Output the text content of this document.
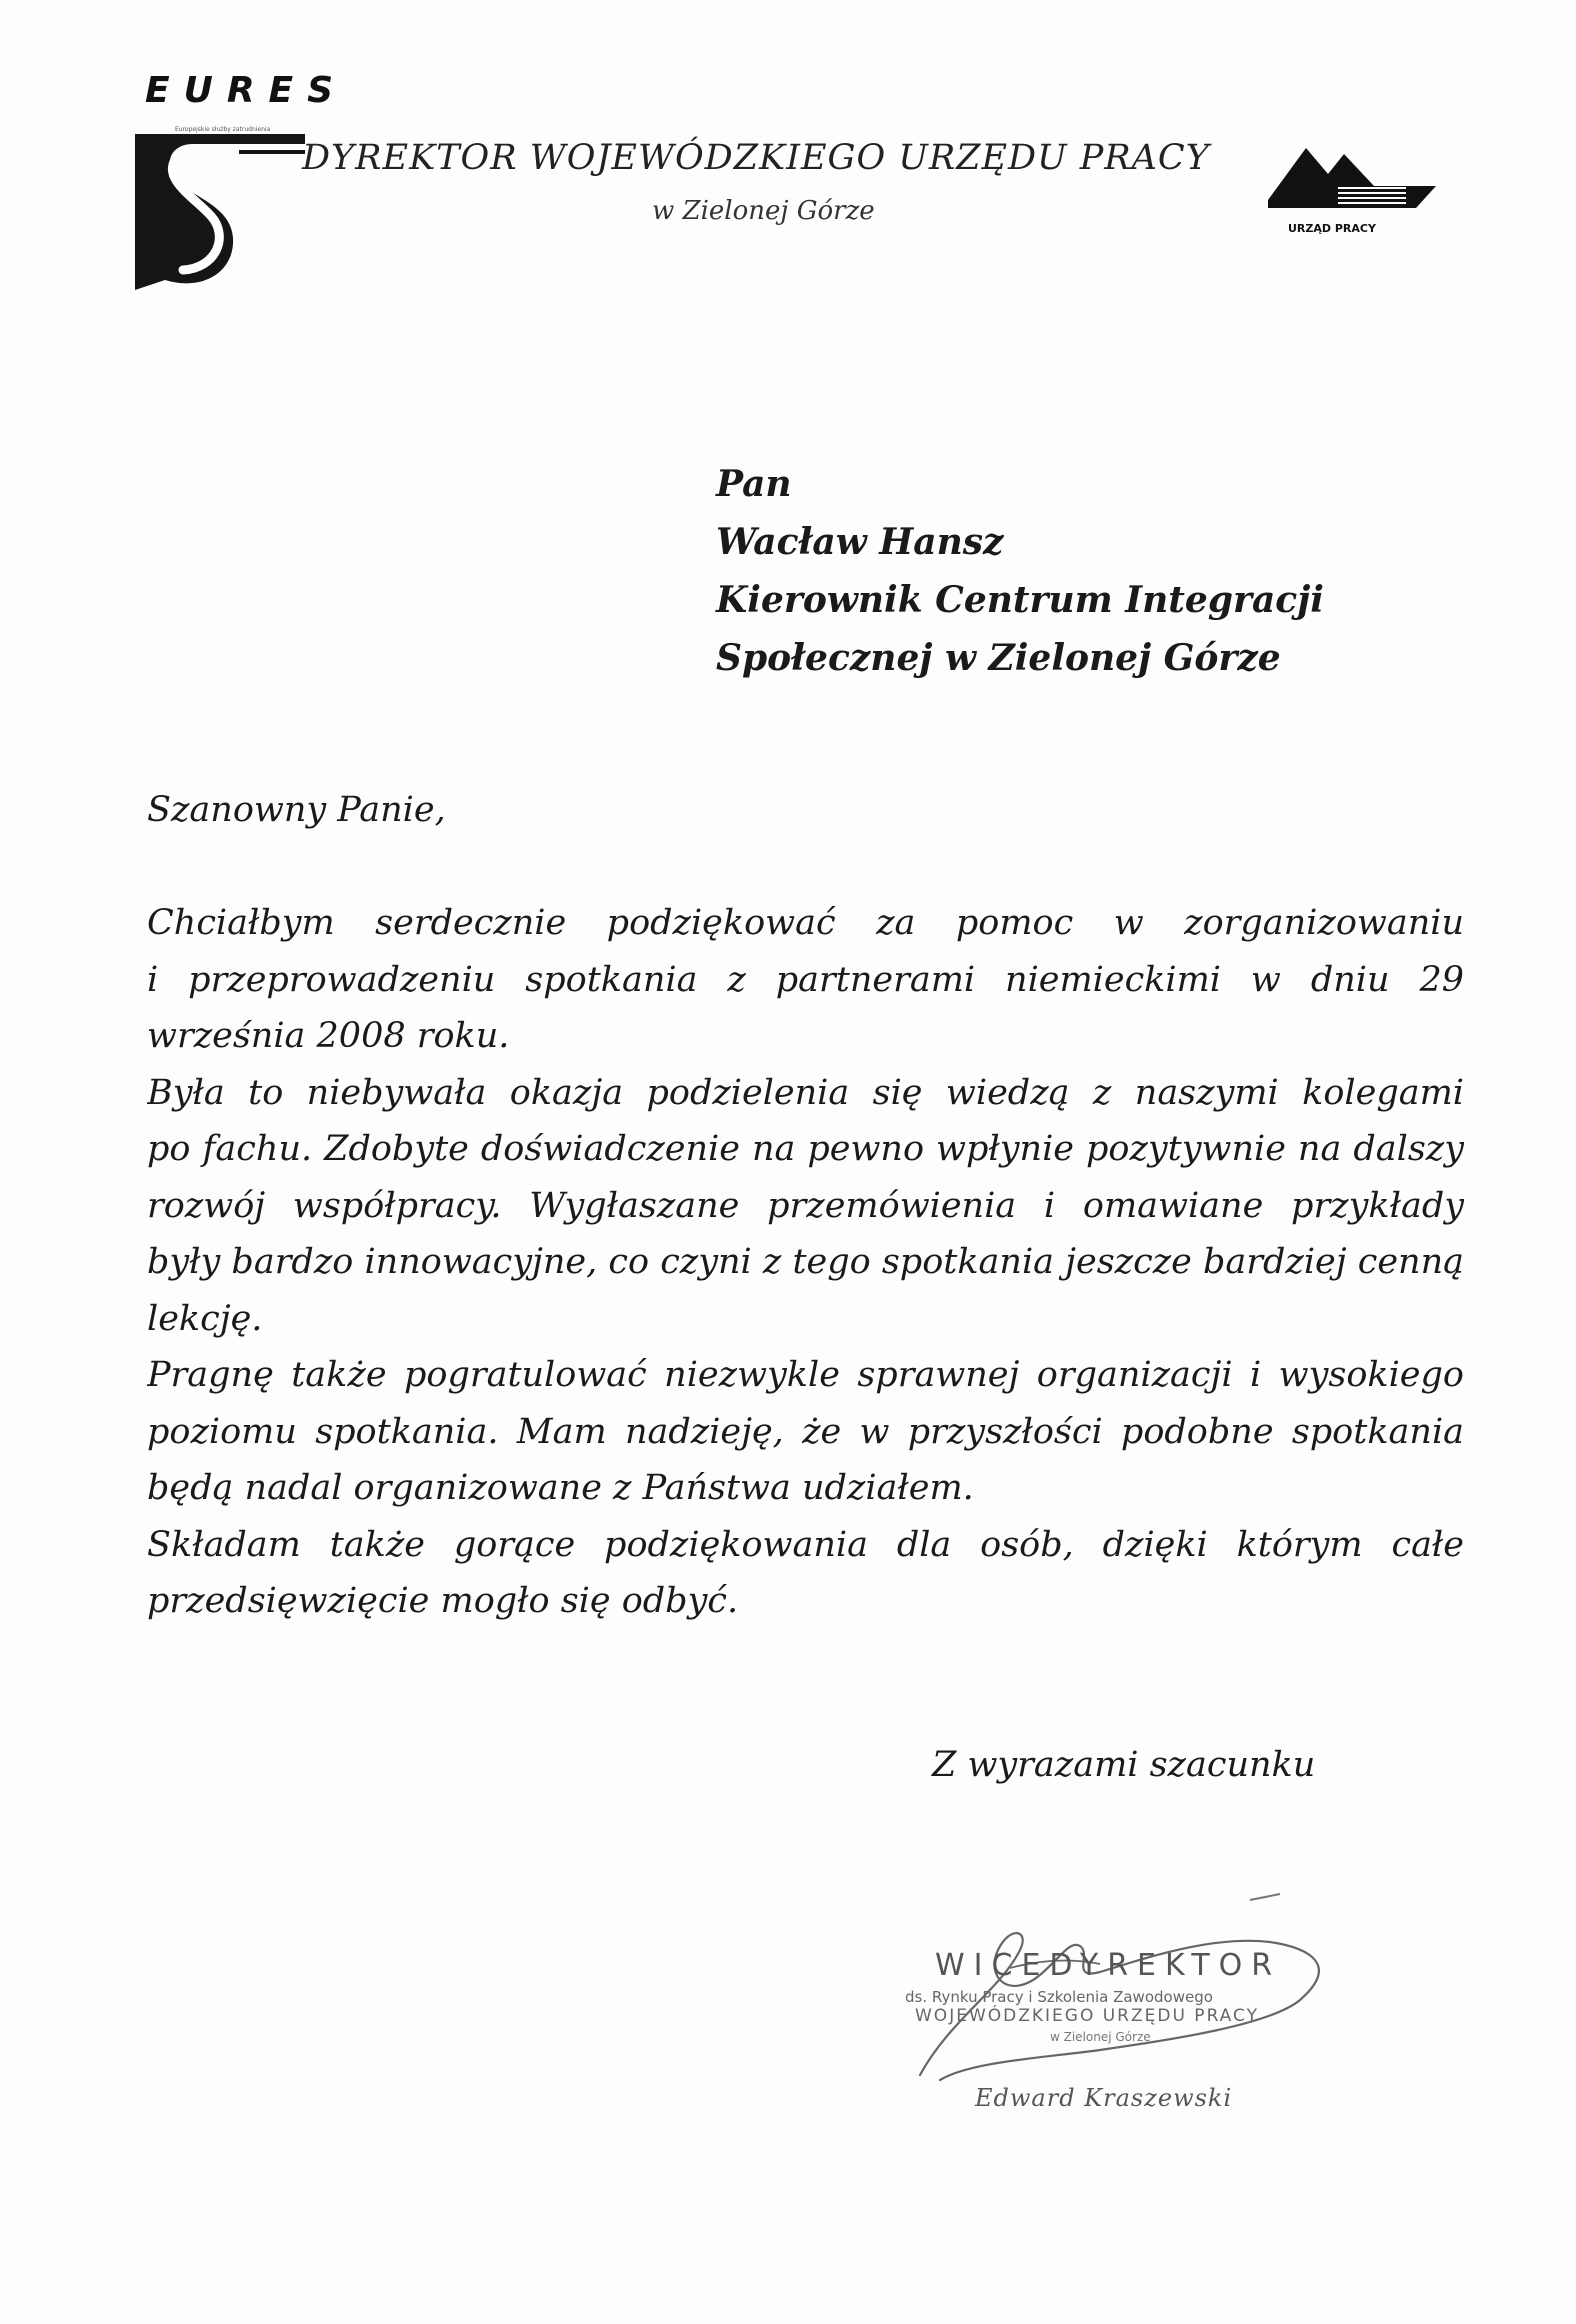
EURES
Europejskie służby zatrudnienia
DYREKTOR WOJEWÓDZKIEGO URZĘDU PRACY
w Zielonej Górze
URZĄD PRACY
Pan
Wacław Hansz
Kierownik Centrum Integracji
Społecznej w Zielonej Górze
Szanowny Panie,
Chciałbym serdecznie podziękować za pomoc w zorganizowaniu
i przeprowadzeniu spotkania z partnerami niemieckimi w dniu 29
września 2008 roku.
Była to niebywała okazja podzielenia się wiedzą z naszymi kolegami
po fachu. Zdobyte doświadczenie na pewno wpłynie pozytywnie na dalszy
rozwój współpracy. Wygłaszane przemówienia i omawiane przykłady
były bardzo innowacyjne, co czyni z tego spotkania jeszcze bardziej cenną
lekcję.
Pragnę także pogratulować niezwykle sprawnej organizacji i wysokiego
poziomu spotkania. Mam nadzieję, że w przyszłości podobne spotkania
będą nadal organizowane z Państwa udziałem.
Składam także gorące podziękowania dla osób, dzięki którym całe
przedsięwzięcie mogło się odbyć.
Z wyrazami szacunku
WICEDYREKTOR
ds. Rynku Pracy i Szkolenia Zawodowego
WOJEWÓDZKIEGO URZĘDU PRACY
w Zielonej Górze
Edward Kraszewski
